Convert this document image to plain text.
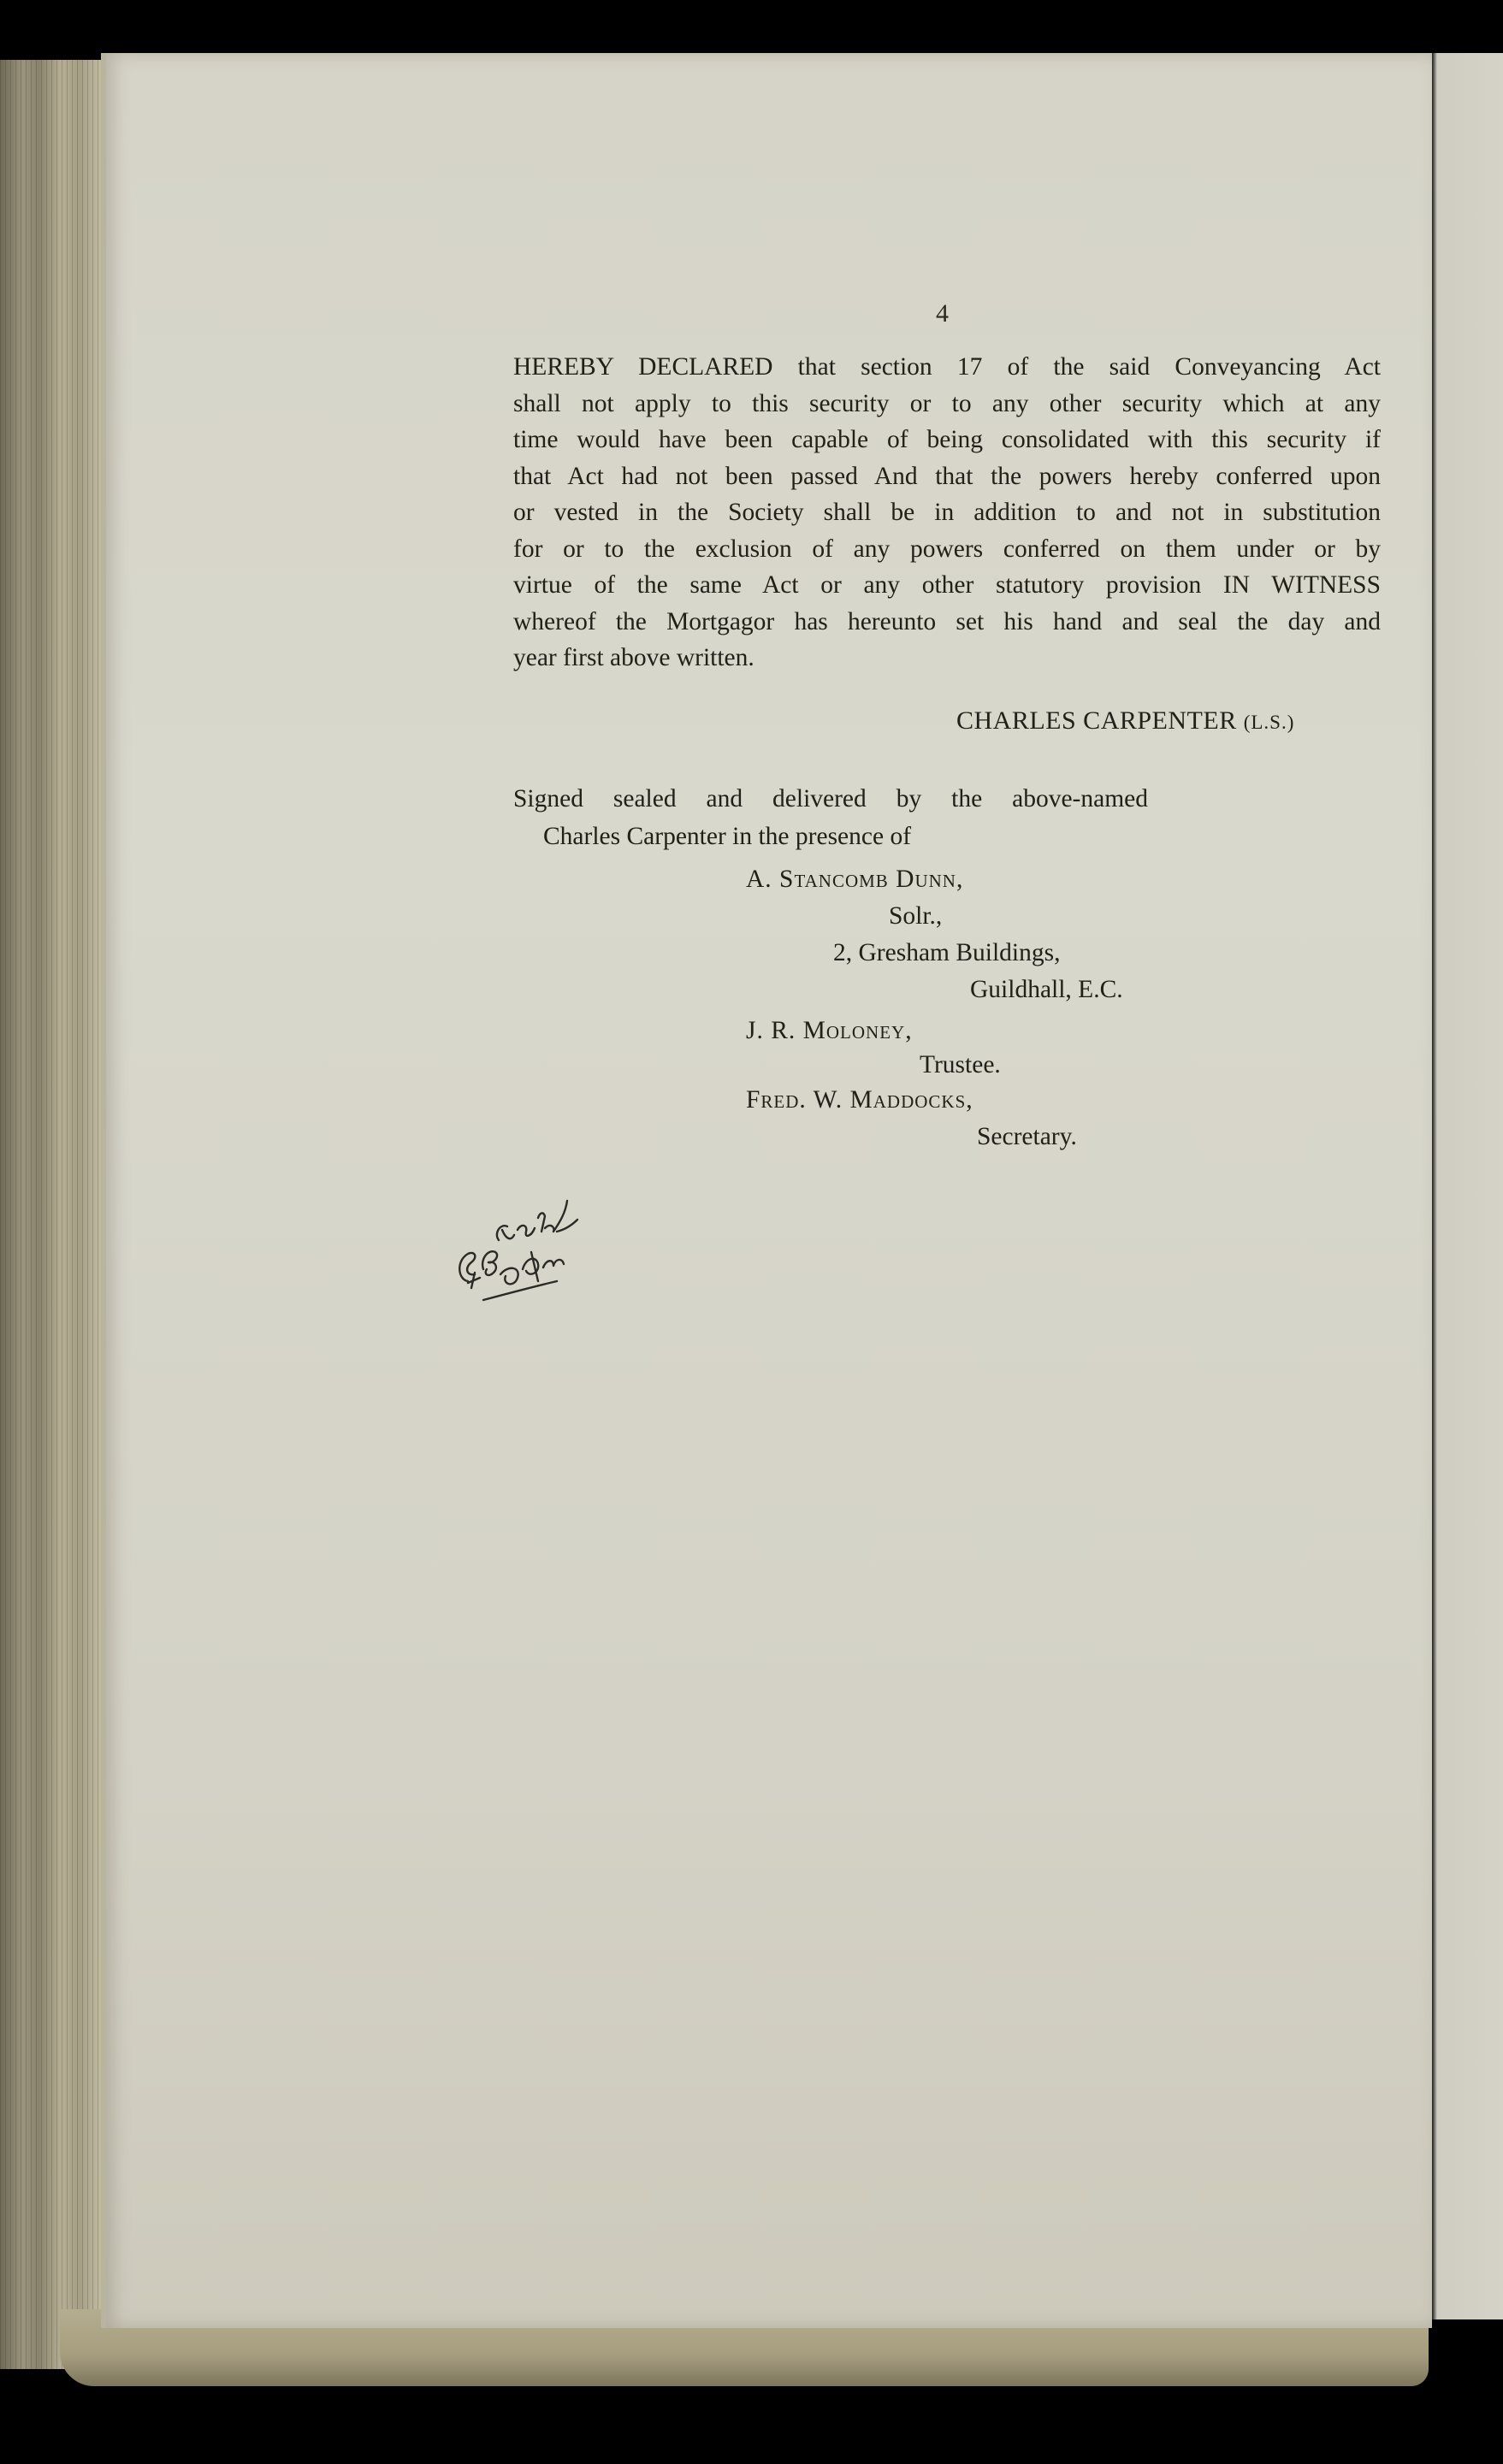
4
HEREBY DECLARED that section 17 of the said Conveyancing Act
shall not apply to this security or to any other security which at any
time would have been capable of being consolidated with this security if
that Act had not been passed And that the powers hereby conferred upon
or vested in the Society shall be in addition to and not in substitution
for or to the exclusion of any powers conferred on them under or by
virtue of the same Act or any other statutory provision IN WITNESS
whereof the Mortgagor has hereunto set his hand and seal the day and
year first above written.
CHARLES CARPENTER (L.S.)
Signed sealed and delivered by the above-named
Charles Carpenter in the presence of
A. Stancomb Dunn,
Solr.,
2, Gresham Buildings,
Guildhall, E.C.
J. R. Moloney,
Trustee.
Fred. W. Maddocks,
Secretary.
